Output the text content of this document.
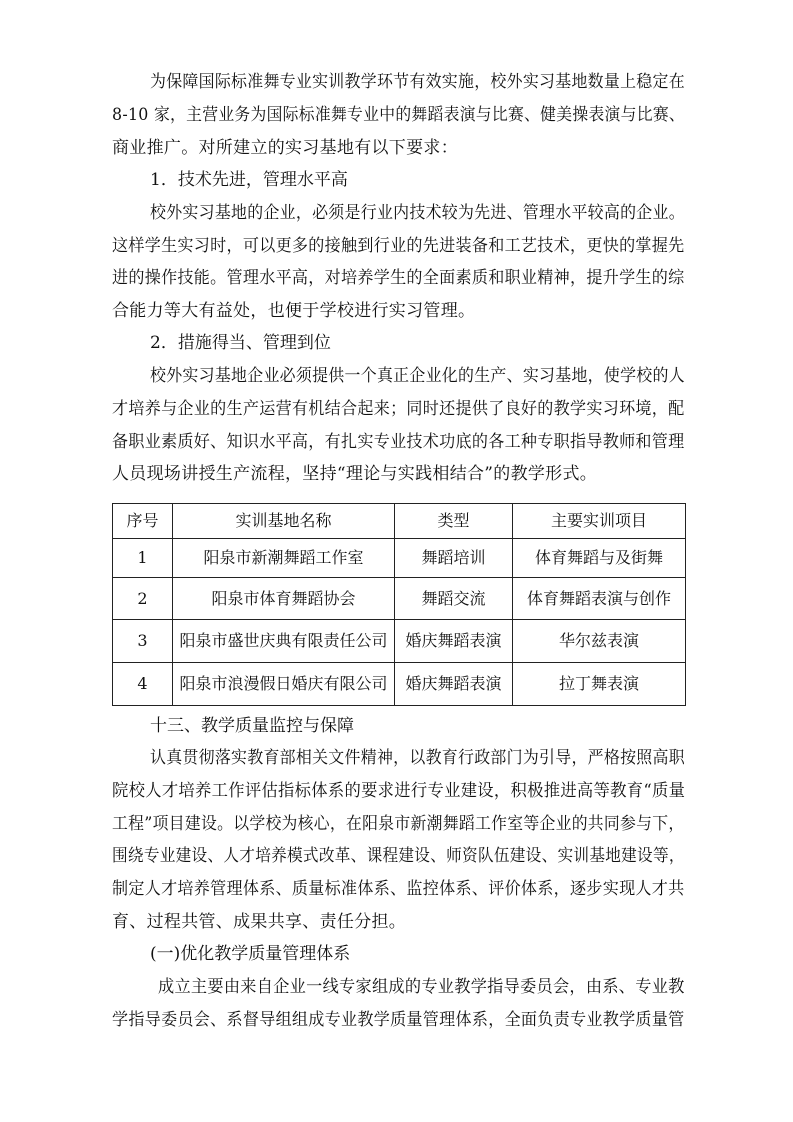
为保障国际标准舞专业实训教学环节有效实施，校外实习基地数量上稳定在
8-10 家，主营业务为国际标准舞专业中的舞蹈表演与比赛、健美操表演与比赛、
商业推广。对所建立的实习基地有以下要求：
1．技术先进，管理水平高
校外实习基地的企业，必须是行业内技术较为先进、管理水平较高的企业。
这样学生实习时，可以更多的接触到行业的先进装备和工艺技术，更快的掌握先
进的操作技能。管理水平高，对培养学生的全面素质和职业精神，提升学生的综
合能力等大有益处，也便于学校进行实习管理。
2．措施得当、管理到位
校外实习基地企业必须提供一个真正企业化的生产、实习基地，使学校的人
才培养与企业的生产运营有机结合起来；同时还提供了良好的教学实习环境，配
备职业素质好、知识水平高，有扎实专业技术功底的各工种专职指导教师和管理
人员现场讲授生产流程，坚持“理论与实践相结合”的教学形式。
序号	实训基地名称	类型	主要实训项目
1	阳泉市新潮舞蹈工作室	舞蹈培训	体育舞蹈与及街舞
2	阳泉市体育舞蹈协会	舞蹈交流	体育舞蹈表演与创作
3	阳泉市盛世庆典有限责任公司	婚庆舞蹈表演	华尔兹表演
4	阳泉市浪漫假日婚庆有限公司	婚庆舞蹈表演	拉丁舞表演
十三、教学质量监控与保障
认真贯彻落实教育部相关文件精神，以教育行政部门为引导，严格按照高职
院校人才培养工作评估指标体系的要求进行专业建设，积极推进高等教育“质量
工程”项目建设。以学校为核心，在阳泉市新潮舞蹈工作室等企业的共同参与下，
围绕专业建设、人才培养模式改革、课程建设、师资队伍建设、实训基地建设等，
制定人才培养管理体系、质量标准体系、监控体系、评价体系，逐步实现人才共
育、过程共管、成果共享、责任分担。
(一)优化教学质量管理体系
成立主要由来自企业一线专家组成的专业教学指导委员会，由系、专业教
学指导委员会、系督导组组成专业教学质量管理体系，全面负责专业教学质量管
